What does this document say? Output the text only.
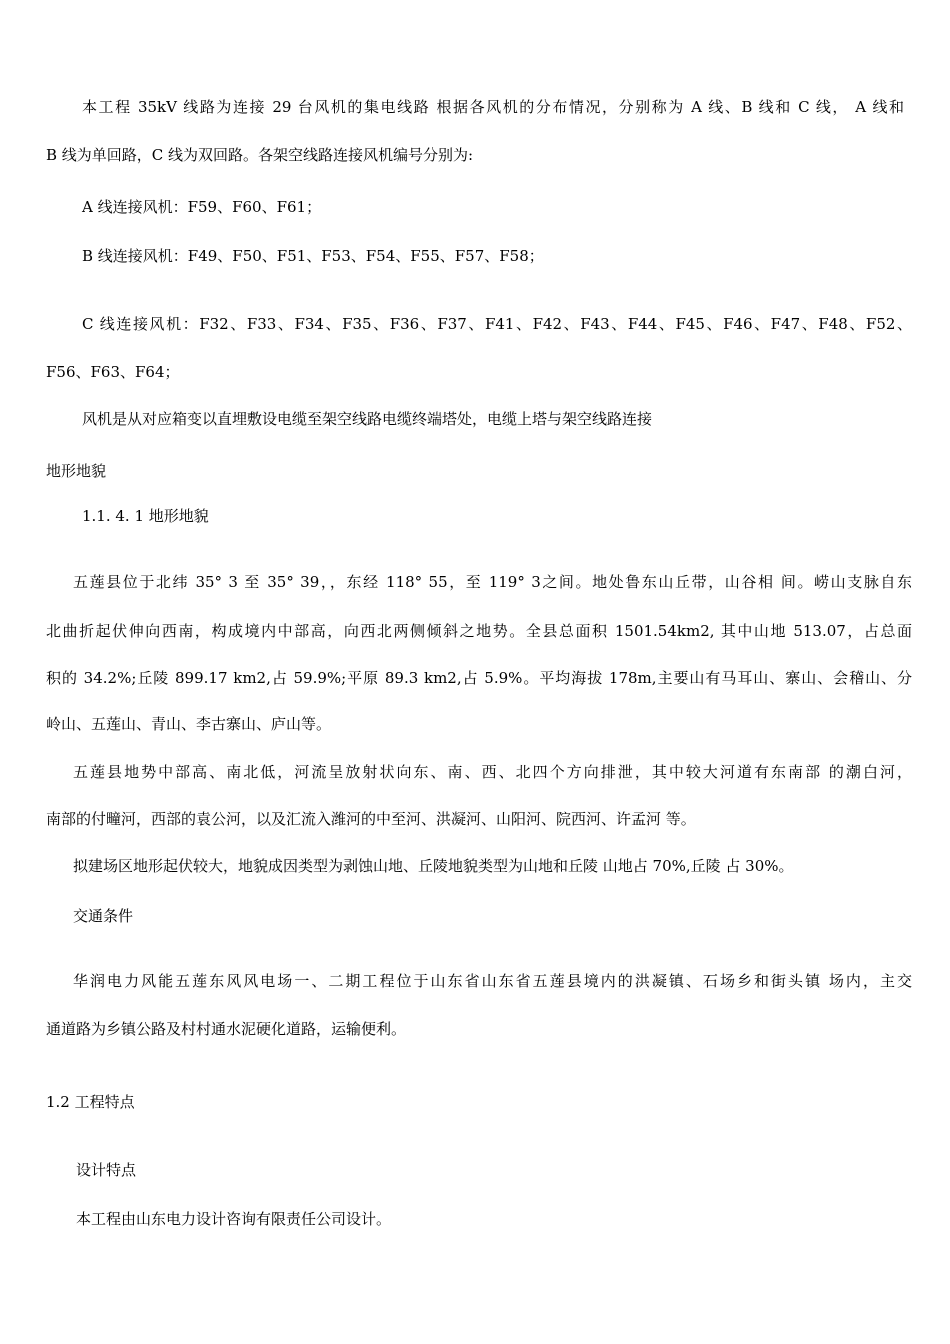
本工程 35kV 线路为连接 29 台风机的集电线路 根据各风机的分布情况，分别称为 A 线、B 线和 C 线， A 线和
B 线为单回路，C 线为双回路。各架空线路连接风机编号分别为:
A 线连接风机：F59、F60、F61；
B 线连接风机：F49、F50、F51、F53、F54、F55、F57、F58；
C 线连接风机：F32、F33、F34、F35、F36、F37、F41、F42、F43、F44、F45、F46、F47、F48、F52、
F56、F63、F64；
风机是从对应箱变以直埋敷设电缆至架空线路电缆终端塔处，电缆上塔与架空线路连接
地形地貌
1.1. 4. 1 地形地貌
五莲县位于北纬 35° 3 至 35° 39，，东经 118° 55，至 119° 3之间。地处鲁东山丘带，山谷相 间。崂山支脉自东
北曲折起伏伸向西南，构成境内中部高，向西北两侧倾斜之地势。全县总面积 1501.54km2, 其中山地 513.07，占总面
积的 34.2%;丘陵 899.17 km2,占 59.9%;平原 89.3 km2,占 5.9%。平均海拔 178m,主要山有马耳山、寨山、会稽山、分
岭山、五莲山、青山、李古寨山、庐山等。
五莲县地势中部高、南北低，河流呈放射状向东、南、西、北四个方向排泄，其中较大河道有东南部 的潮白河，
南部的付疃河，西部的袁公河，以及汇流入潍河的中至河、洪凝河、山阳河、院西河、许孟河 等。
拟建场区地形起伏较大，地貌成因类型为剥蚀山地、丘陵地貌类型为山地和丘陵 山地占 70%,丘陵 占 30%。
交通条件
华润电力风能五莲东风风电场一、二期工程位于山东省山东省五莲县境内的洪凝镇、石场乡和街头镇 场内，主交
通道路为乡镇公路及村村通水泥硬化道路，运输便利。
1.2 工程特点
设计特点
本工程由山东电力设计咨询有限责任公司设计。
